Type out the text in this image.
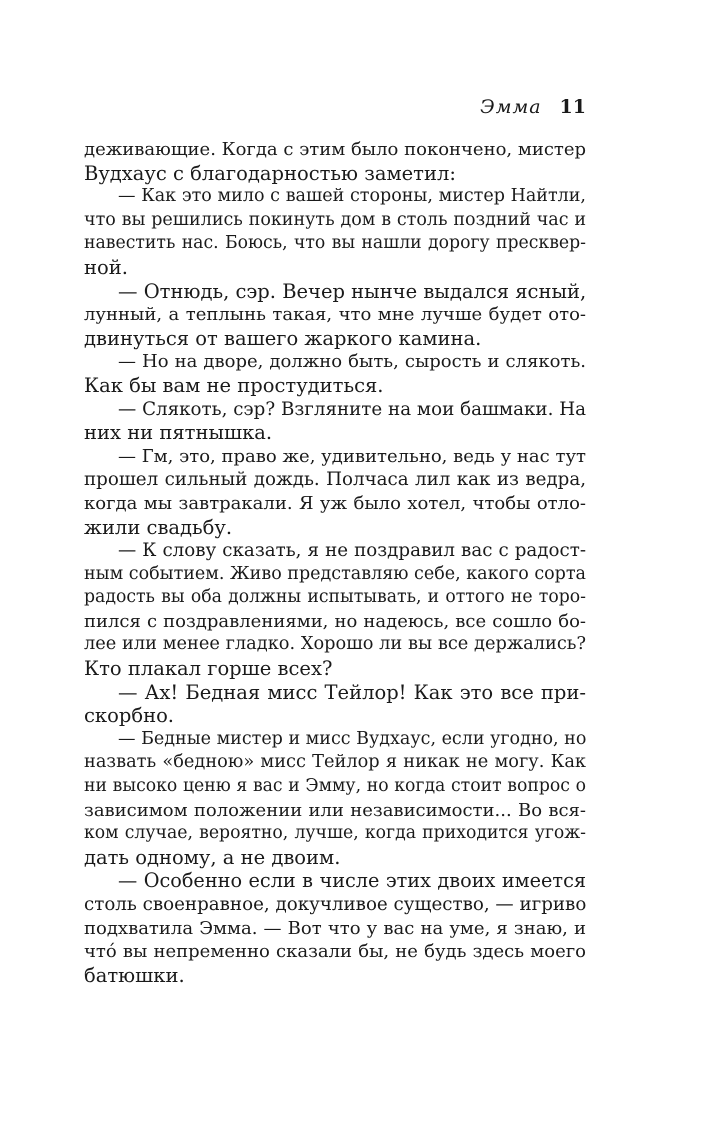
Эмма 11
деживающие. Когда с этим было покончено, мистер
Вудхаус с благодарностью заметил:
— Как это мило с вашей стороны, мистер Найтли,
что вы решились покинуть дом в столь поздний час и
навестить нас. Боюсь, что вы нашли дорогу пресквер-
ной.
— Отнюдь, сэр. Вечер нынче выдался ясный,
лунный, а теплынь такая, что мне лучше будет ото-
двинуться от вашего жаркого камина.
— Но на дворе, должно быть, сырость и слякоть.
Как бы вам не простудиться.
— Слякоть, сэр? Взгляните на мои башмаки. На
них ни пятнышка.
— Гм, это, право же, удивительно, ведь у нас тут
прошел сильный дождь. Полчаса лил как из ведра,
когда мы завтракали. Я уж было хотел, чтобы отло-
жили свадьбу.
— К слову сказать, я не поздравил вас с радост-
ным событием. Живо представляю себе, какого сорта
радость вы оба должны испытывать, и оттого не торо-
пился с поздравлениями, но надеюсь, все сошло бо-
лее или менее гладко. Хорошо ли вы все держались?
Кто плакал горше всех?
— Ах! Бедная мисс Тейлор! Как это все при-
скорбно.
— Бедные мистер и мисс Вудхаус, если угодно, но
назвать «бедною» мисс Тейлор я никак не могу. Как
ни высоко ценю я вас и Эмму, но когда стоит вопрос о
зависимом положении или независимости... Во вся-
ком случае, вероятно, лучше, когда приходится угож-
дать одному, а не двоим.
— Особенно если в числе этих двоих имеется
столь своенравное, докучливое существо, — игриво
подхватила Эмма. — Вот что у вас на уме, я знаю, и
что́ вы непременно сказали бы, не будь здесь моего
батюшки.
